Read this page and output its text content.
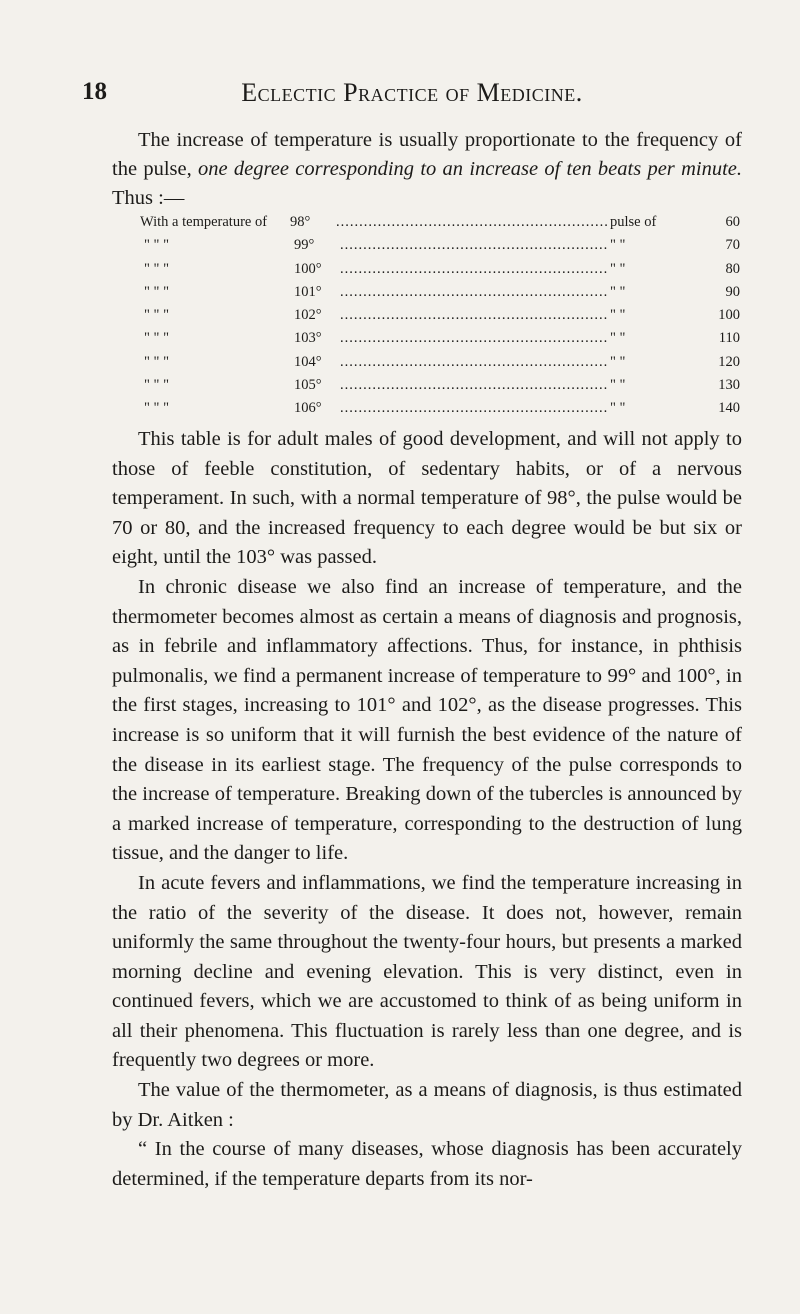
18	Eclectic Practice of Medicine.
The increase of temperature is usually proportionate to the frequency of the pulse, one degree corresponding to an increase of ten beats per minute. Thus :—
With a temperature of	98° .....	pulse of	60
" " "	99° .....	" "	70
" " "	100° .....	" "	80
" " "	101° .....	" "	90
" " "	102° .....	" "	100
" " "	103° .....	" "	110
" " "	104° .....	" "	120
" " "	105° .....	" "	130
" " "	106° .....	" "	140

This table is for adult males of good development, and will not apply to those of feeble constitution, of sedentary habits, or of a nervous temperament. In such, with a normal temperature of 98°, the pulse would be 70 or 80, and the increased frequency to each degree would be but six or eight, until the 103° was passed.

In chronic disease we also find an increase of temperature, and the thermometer becomes almost as certain a means of diagnosis and prognosis, as in febrile and inflammatory affections. Thus, for instance, in phthisis pulmonalis, we find a permanent increase of temperature to 99° and 100°, in the first stages, increasing to 101° and 102°, as the disease progresses. This increase is so uniform that it will furnish the best evidence of the nature of the disease in its earliest stage. The frequency of the pulse corresponds to the increase of temperature. Breaking down of the tubercles is announced by a marked increase of temperature, corresponding to the destruction of lung tissue, and the danger to life.

In acute fevers and inflammations, we find the temperature increasing in the ratio of the severity of the disease. It does not, however, remain uniformly the same throughout the twenty-four hours, but presents a marked morning decline and evening elevation. This is very distinct, even in continued fevers, which we are accustomed to think of as being uniform in all their phenomena. This fluctuation is rarely less than one degree, and is frequently two degrees or more.

The value of the thermometer, as a means of diagnosis, is thus estimated by Dr. Aitken :

“ In the course of many diseases, whose diagnosis has been accurately determined, if the temperature departs from its nor-
